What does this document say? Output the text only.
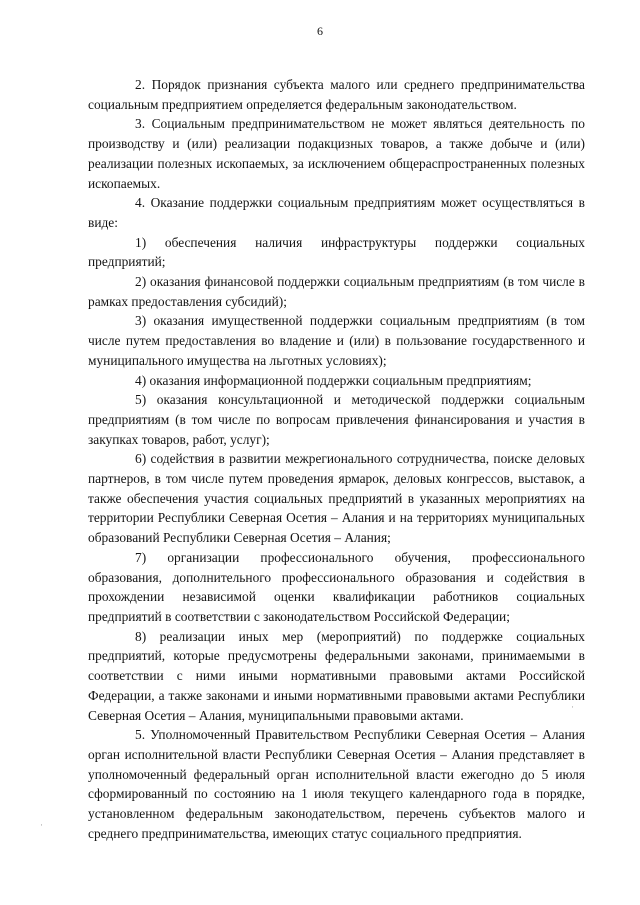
6

2. Порядок признания субъекта малого или среднего предпринимательства социальным предприятием определяется федеральным законодательством.

3. Социальным предпринимательством не может являться деятельность по производству и (или) реализации подакцизных товаров, а также добыче и (или) реализации полезных ископаемых, за исключением общераспространенных полезных ископаемых.

4. Оказание поддержки социальным предприятиям может осуществляться в виде:

1) обеспечения наличия инфраструктуры поддержки социальных предприятий;

2) оказания финансовой поддержки социальным предприятиям (в том числе в рамках предоставления субсидий);

3) оказания имущественной поддержки социальным предприятиям (в том числе путем предоставления во владение и (или) в пользование государственного и муниципального имущества на льготных условиях);

4) оказания информационной поддержки социальным предприятиям;

5) оказания консультационной и методической поддержки социальным предприятиям (в том числе по вопросам привлечения финансирования и участия в закупках товаров, работ, услуг);

6) содействия в развитии межрегионального сотрудничества, поиске деловых партнеров, в том числе путем проведения ярмарок, деловых конгрессов, выставок, а также обеспечения участия социальных предприятий в указанных мероприятиях на территории Республики Северная Осетия – Алания и на территориях муниципальных образований Республики Северная Осетия – Алания;

7) организации профессионального обучения, профессионального образования, дополнительного профессионального образования и содействия в прохождении независимой оценки квалификации работников социальных предприятий в соответствии с законодательством Российской Федерации;

8) реализации иных мер (мероприятий) по поддержке социальных предприятий, которые предусмотрены федеральными законами, принимаемыми в соответствии с ними иными нормативными правовыми актами Российской Федерации, а также законами и иными нормативными правовыми актами Республики Северная Осетия – Алания, муниципальными правовыми актами.

5. Уполномоченный Правительством Республики Северная Осетия – Алания орган исполнительной власти Республики Северная Осетия – Алания представляет в уполномоченный федеральный орган исполнительной власти ежегодно до 5 июля сформированный по состоянию на 1 июля текущего календарного года в порядке, установленном федеральным законодательством, перечень субъектов малого и среднего предпринимательства, имеющих статус социального предприятия.

·
·
